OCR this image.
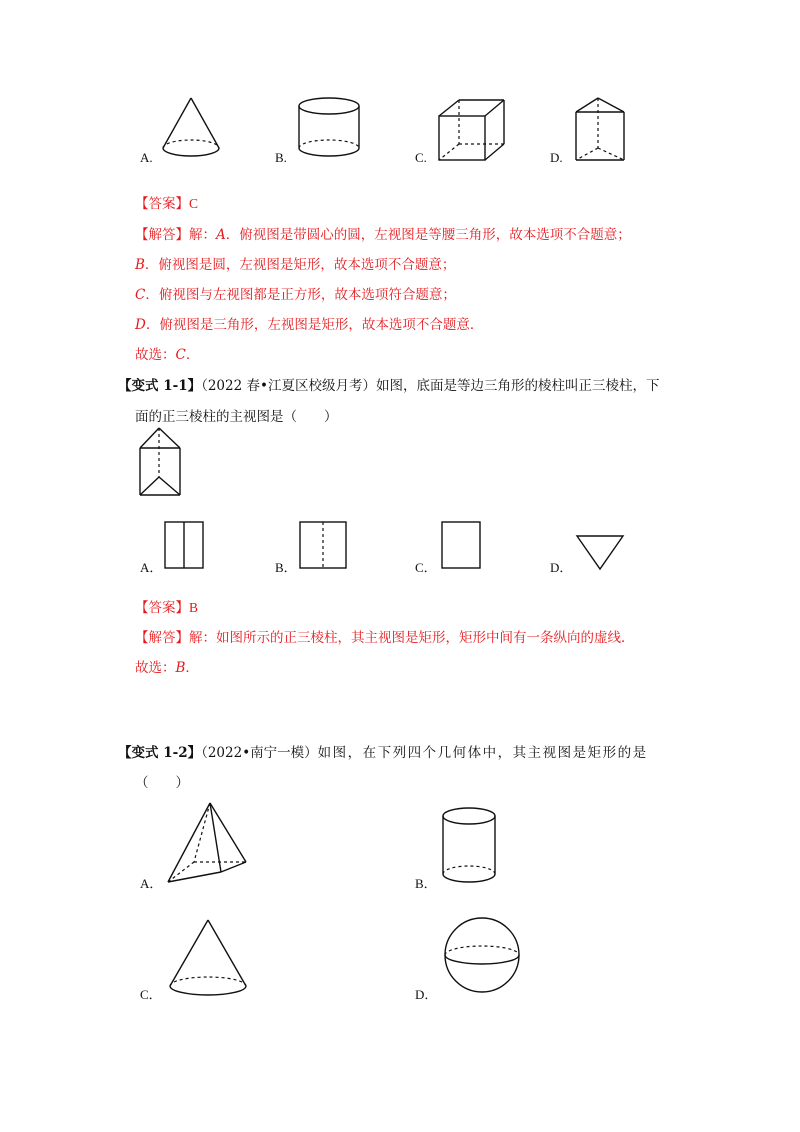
A.	B.	C.	D.
【答案】C
【解答】解：A．俯视图是带圆心的圆，左视图是等腰三角形，故本选项不合题意；
B．俯视图是圆，左视图是矩形，故本选项不合题意；
C．俯视图与左视图都是正方形，故本选项符合题意；
D．俯视图是三角形，左视图是矩形，故本选项不合题意．
故选：C．
【变式 1-1】（2022 春•江夏区校级月考）如图，底面是等边三角形的棱柱叫正三棱柱，下
面的正三棱柱的主视图是（　　）
A．	B．	C．	D．
【答案】B
【解答】解：如图所示的正三棱柱，其主视图是矩形，矩形中间有一条纵向的虚线．
故选：B．
【变式 1-2】（2022•南宁一模）如图，在下列四个几何体中，其主视图是矩形的是
（　　）
A．	B．
C．	D．
